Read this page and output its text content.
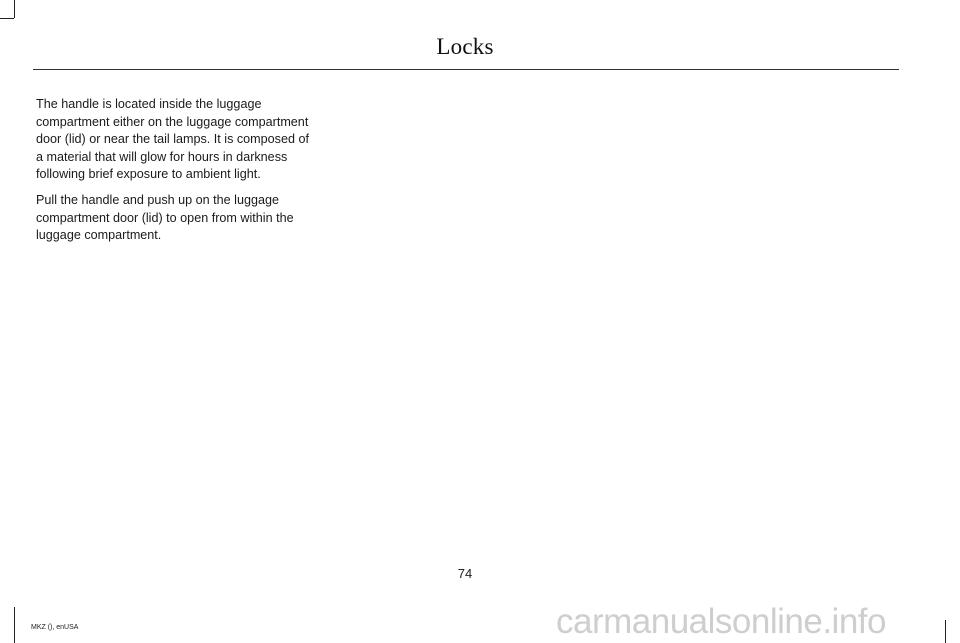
Locks

The handle is located inside the luggage compartment either on the luggage compartment door (lid) or near the tail lamps. It is composed of a material that will glow for hours in darkness following brief exposure to ambient light.

Pull the handle and push up on the luggage compartment door (lid) to open from within the luggage compartment.

74
MKZ (), enUSA	carmanualsonline.info
